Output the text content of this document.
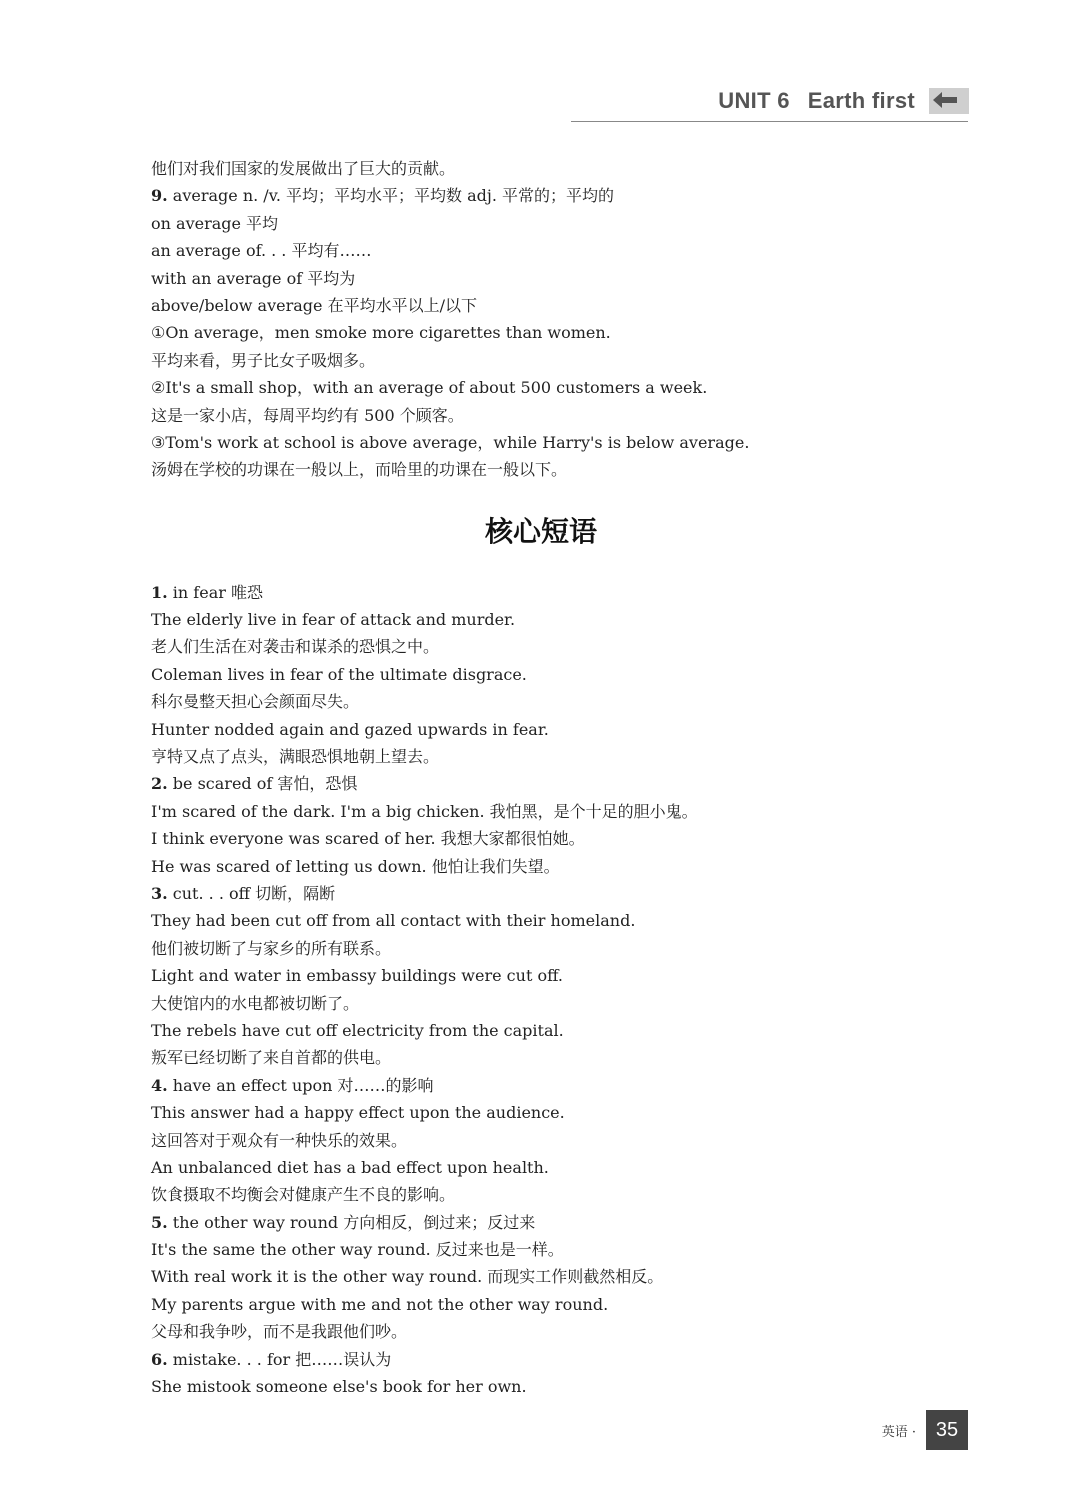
UNIT 6 Earth first
他们对我们国家的发展做出了巨大的贡献。
9. average n. /v. 平均；平均水平；平均数 adj. 平常的；平均的
on average 平均
an average of. . . 平均有……
with an average of 平均为
above/below average 在平均水平以上/以下
①On average，men smoke more cigarettes than women.
平均来看，男子比女子吸烟多。
②It's a small shop，with an average of about 500 customers a week.
这是一家小店，每周平均约有 500 个顾客。
③Tom's work at school is above average，while Harry's is below average.
汤姆在学校的功课在一般以上，而哈里的功课在一般以下。
核心短语
1. in fear 唯恐
The elderly live in fear of attack and murder.
老人们生活在对袭击和谋杀的恐惧之中。
Coleman lives in fear of the ultimate disgrace.
科尔曼整天担心会颜面尽失。
Hunter nodded again and gazed upwards in fear.
亨特又点了点头，满眼恐惧地朝上望去。
2. be scared of 害怕，恐惧
I'm scared of the dark. I'm a big chicken. 我怕黑，是个十足的胆小鬼。
I think everyone was scared of her. 我想大家都很怕她。
He was scared of letting us down. 他怕让我们失望。
3. cut. . . off 切断，隔断
They had been cut off from all contact with their homeland.
他们被切断了与家乡的所有联系。
Light and water in embassy buildings were cut off.
大使馆内的水电都被切断了。
The rebels have cut off electricity from the capital.
叛军已经切断了来自首都的供电。
4. have an effect upon 对……的影响
This answer had a happy effect upon the audience.
这回答对于观众有一种快乐的效果。
An unbalanced diet has a bad effect upon health.
饮食摄取不均衡会对健康产生不良的影响。
5. the other way round 方向相反，倒过来；反过来
It's the same the other way round. 反过来也是一样。
With real work it is the other way round. 而现实工作则截然相反。
My parents argue with me and not the other way round.
父母和我争吵，而不是我跟他们吵。
6. mistake. . . for 把……误认为
She mistook someone else's book for her own.
英语 · 35
